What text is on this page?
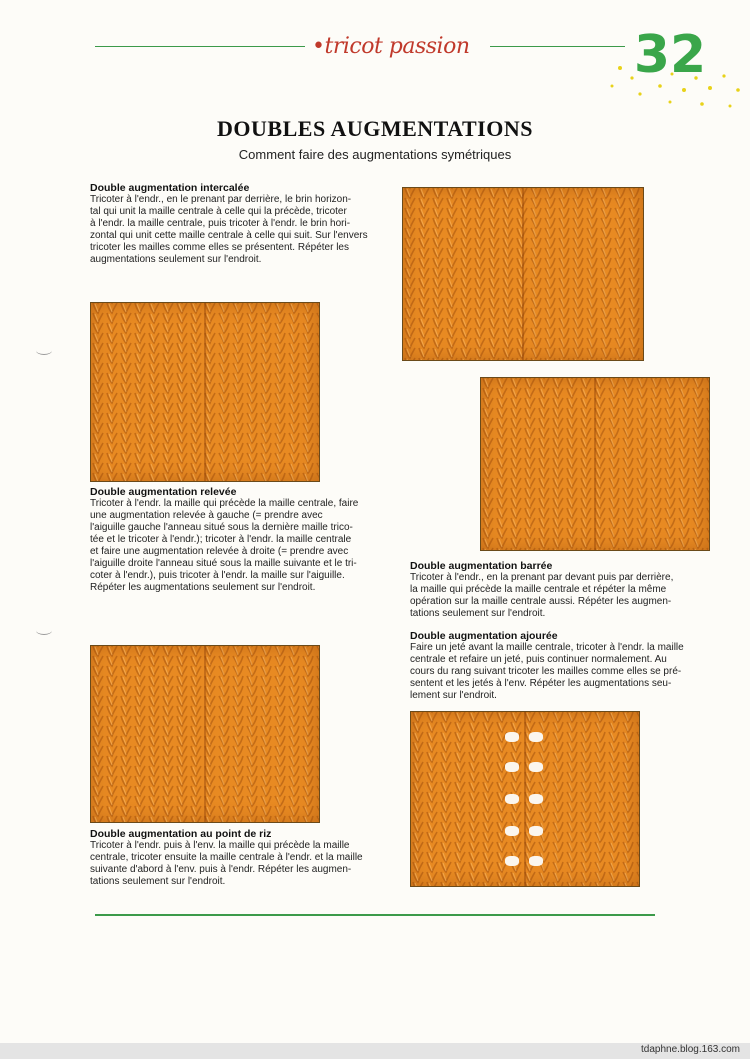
•tricot passion	32
DOUBLES AUGMENTATIONS
Comment faire des augmentations symétriques
Double augmentation intercalée
Tricoter à l'endr., en le prenant par derrière, le brin horizon-
tal qui unit la maille centrale à celle qui la précède, tricoter
à l'endr. la maille centrale, puis tricoter à l'endr. le brin hori-
zontal qui unit cette maille centrale à celle qui suit. Sur l'envers
tricoter les mailles comme elles se présentent. Répéter les
augmentations seulement sur l'endroit.
Double augmentation relevée
Tricoter à l'endr. la maille qui précède la maille centrale, faire
une augmentation relevée à gauche (= prendre avec
l'aiguille gauche l'anneau situé sous la dernière maille trico-
tée et le tricoter à l'endr.); tricoter à l'endr. la maille centrale
et faire une augmentation relevée à droite (= prendre avec
l'aiguille droite l'anneau situé sous la maille suivante et le tri-
coter à l'endr.), puis tricoter à l'endr. la maille sur l'aiguille.
Répéter les augmentations seulement sur l'endroit.
Double augmentation barrée
Tricoter à l'endr., en la prenant par devant puis par derrière,
la maille qui précède la maille centrale et répéter la même
opération sur la maille centrale aussi. Répéter les augmen-
tations seulement sur l'endroit.
Double augmentation ajourée
Faire un jeté avant la maille centrale, tricoter à l'endr. la maille
centrale et refaire un jeté, puis continuer normalement. Au
cours du rang suivant tricoter les mailles comme elles se pré-
sentent et les jetés à l'env. Répéter les augmentations seu-
lement sur l'endroit.
Double augmentation au point de riz
Tricoter à l'endr. puis à l'env. la maille qui précède la maille
centrale, tricoter ensuite la maille centrale à l'endr. et la maille
suivante d'abord à l'env. puis à l'endr. Répéter les augmen-
tations seulement sur l'endroit.
tdaphne.blog.163.com
